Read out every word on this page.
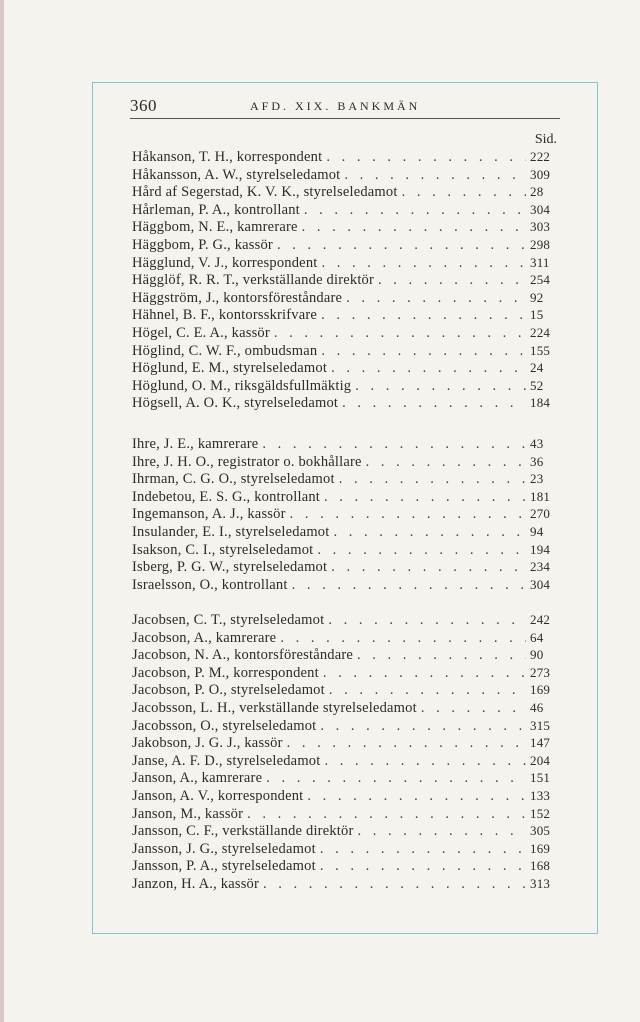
360	AFD. XIX. BANKMÄN
Sid.
Håkanson, T. H., korrespondent . . .	222
Håkansson, A. W., styrelseledamot . . .	309
Hård af Segerstad, K. V. K., styrelseledamot . . .	28
Hårleman, P. A., kontrollant . . .	304
Häggbom, N. E., kamrerare . . .	303
Häggbom, P. G., kassör . . .	298
Hägglund, V. J., korrespondent . . .	311
Hägglöf, R. R. T., verkställande direktör . . .	254
Häggström, J., kontorsföreståndare . . .	92
Hähnel, B. F., kontorsskrifvare . . .	15
Högel, C. E. A., kassör . . .	224
Höglind, C. W. F., ombudsman . . .	155
Höglund, E. M., styrelseledamot . . .	24
Höglund, O. M., riksgäldsfullmäktig . . .	52
Högsell, A. O. K., styrelseledamot . . .	184
Ihre, J. E., kamrerare . . .	43
Ihre, J. H. O., registrator o. bokhållare . . .	36
Ihrman, C. G. O., styrelseledamot . . .	23
Indebetou, E. S. G., kontrollant . . .	181
Ingemanson, A. J., kassör . . .	270
Insulander, E. I., styrelseledamot . . .	94
Isakson, C. I., styrelseledamot . . .	194
Isberg, P. G. W., styrelseledamot . . .	234
Israelsson, O., kontrollant . . .	304
Jacobsen, C. T., styrelseledamot . . .	242
Jacobson, A., kamrerare . . .	64
Jacobson, N. A., kontorsföreståndare . . .	90
Jacobson, P. M., korrespondent . . .	273
Jacobson, P. O., styrelseledamot . . .	169
Jacobsson, L. H., verkställande styrelseledamot . . .	46
Jacobsson, O., styrelseledamot . . .	315
Jakobson, J. G. J., kassör . . .	147
Janse, A. F. D., styrelseledamot . . .	204
Janson, A., kamrerare . . .	151
Janson, A. V., korrespondent . . .	133
Janson, M., kassör . . .	152
Jansson, C. F., verkställande direktör . . .	305
Jansson, J. G., styrelseledamot . . .	169
Jansson, P. A., styrelseledamot . . .	168
Janzon, H. A., kassör . . .	313
